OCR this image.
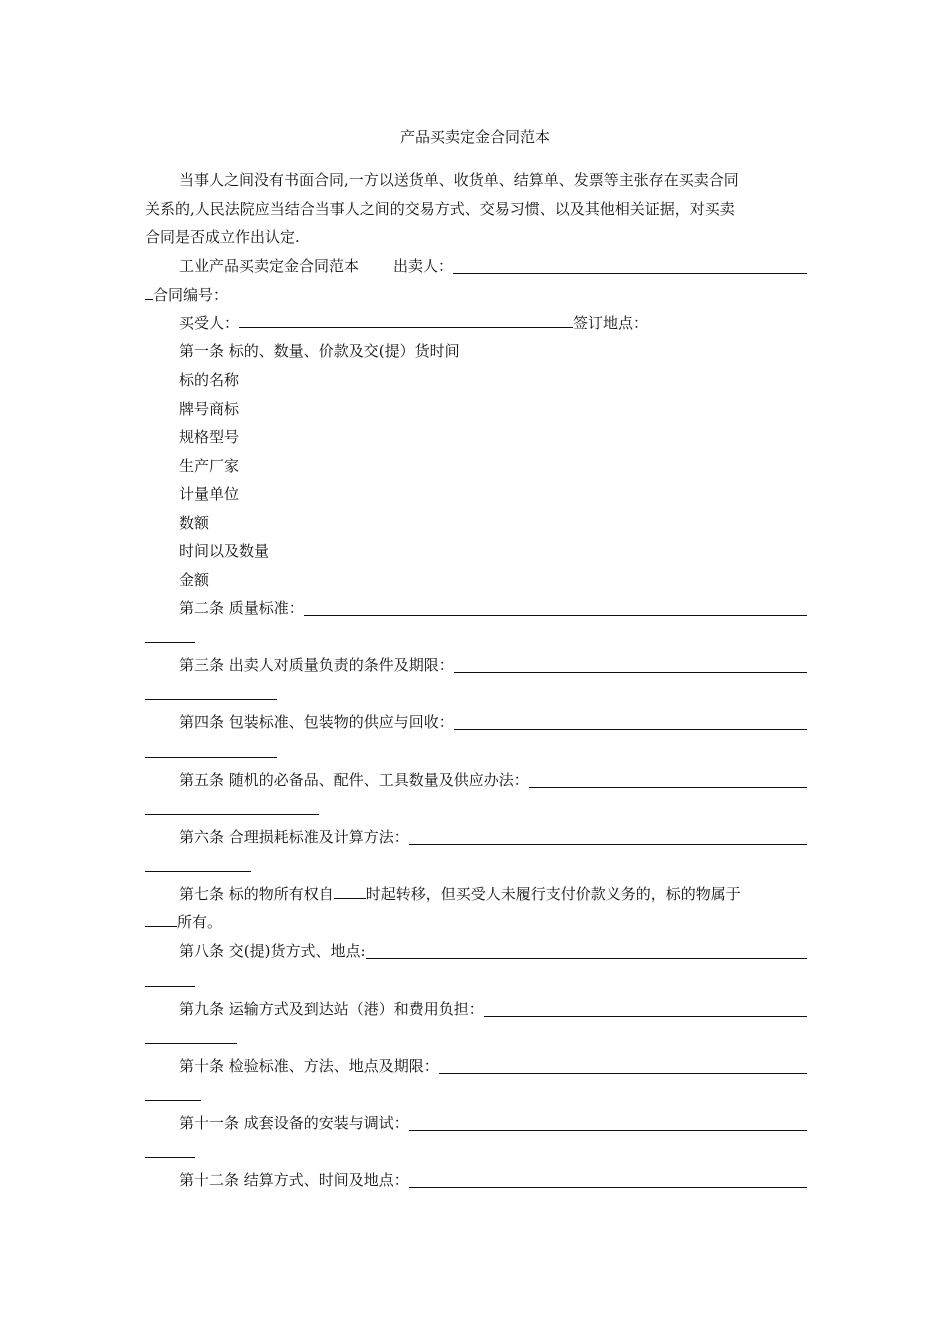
产品买卖定金合同范本
当事人之间没有书面合同,一方以送货单、收货单、结算单、发票等主张存在买卖合同
关系的,人民法院应当结合当事人之间的交易方式、交易习惯、以及其他相关证据，对买卖
合同是否成立作出认定.
工业产品买卖定金合同范本 出卖人：
合同编号：
买受人：	签订地点：
第一条 标的、数量、价款及交(提）货时间
标的名称
牌号商标
规格型号
生产厂家
计量单位
数额
时间以及数量
金额
第二条 质量标准：
第三条 出卖人对质量负责的条件及期限：
第四条 包装标准、包装物的供应与回收：
第五条 随机的必备品、配件、工具数量及供应办法：
第六条 合理损耗标准及计算方法：
第七条 标的物所有权自 时起转移，但买受人未履行支付价款义务的，标的物属于
所有。
第八条 交(提)货方式、地点:
第九条 运输方式及到达站（港）和费用负担：
第十条 检验标准、方法、地点及期限：
第十一条 成套设备的安装与调试：
第十二条 结算方式、时间及地点：
